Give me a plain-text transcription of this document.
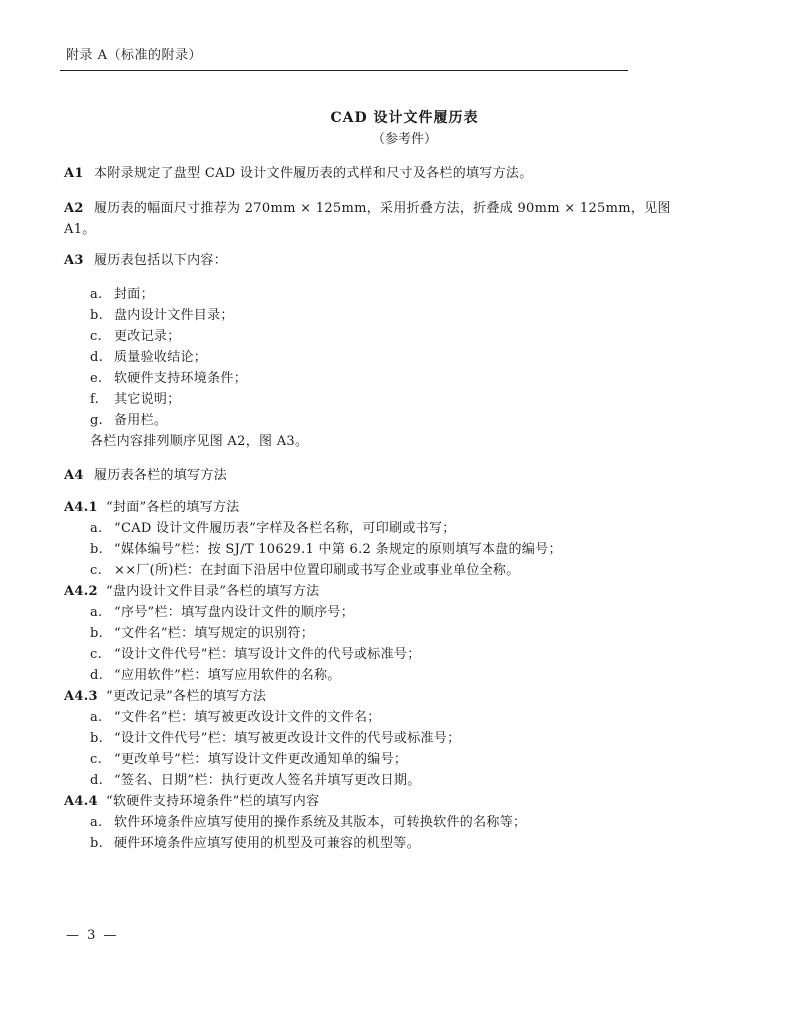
附录 A（标准的附录）
CAD 设计文件履历表
（参考件）
A1 本附录规定了盘型 CAD 设计文件履历表的式样和尺寸及各栏的填写方法。
A2 履历表的幅面尺寸推荐为 270mm × 125mm，采用折叠方法，折叠成 90mm × 125mm，见图
A1。
A3 履历表包括以下内容：
a. 封面；
b. 盘内设计文件目录；
c. 更改记录；
d. 质量验收结论；
e. 软硬件支持环境条件；
f. 其它说明；
g. 备用栏。
各栏内容排列顺序见图 A2，图 A3。
A4 履历表各栏的填写方法
A4.1 “封面”各栏的填写方法
a. “CAD 设计文件履历表”字样及各栏名称，可印刷或书写；
b. “媒体编号”栏：按 SJ/T 10629.1 中第 6.2 条规定的原则填写本盘的编号；
c. ××厂(所)栏：在封面下沿居中位置印刷或书写企业或事业单位全称。
A4.2 “盘内设计文件目录”各栏的填写方法
a. “序号”栏：填写盘内设计文件的顺序号；
b. “文件名”栏：填写规定的识别符；
c. “设计文件代号”栏：填写设计文件的代号或标准号；
d. “应用软件”栏：填写应用软件的名称。
A4.3 “更改记录”各栏的填写方法
a. “文件名”栏：填写被更改设计文件的文件名；
b. “设计文件代号”栏：填写被更改设计文件的代号或标准号；
c. “更改单号”栏：填写设计文件更改通知单的编号；
d. “签名、日期”栏：执行更改人签名并填写更改日期。
A4.4 “软硬件支持环境条件”栏的填写内容
a. 软件环境条件应填写使用的操作系统及其版本，可转换软件的名称等；
b. 硬件环境条件应填写使用的机型及可兼容的机型等。
— 3 —
